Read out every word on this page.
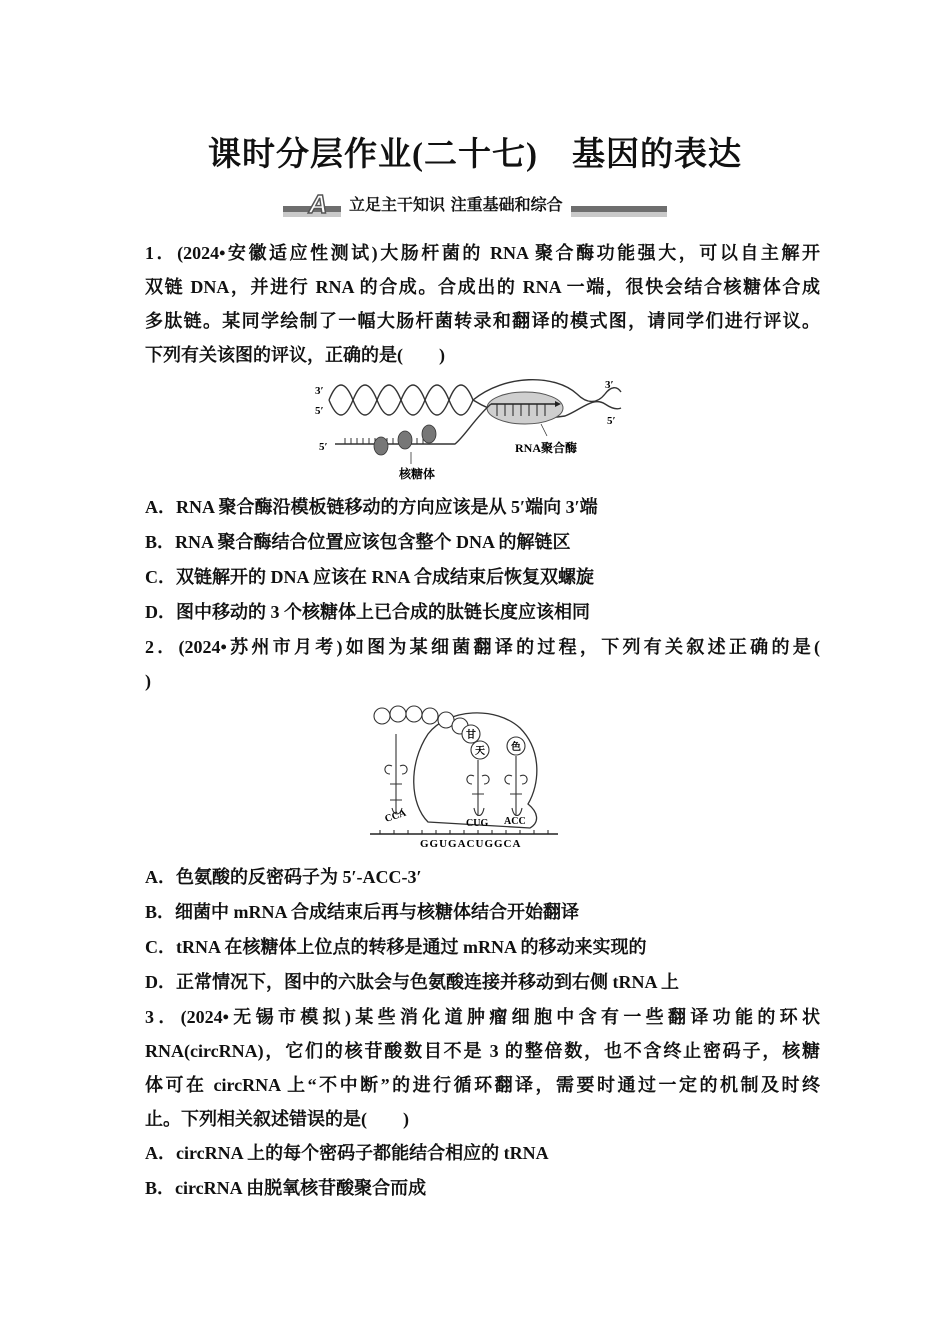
课时分层作业(二十七) 基因的表达
A	立足主干知识 注重基础和综合
1．(2024•安徽适应性测试)大肠杆菌的 RNA 聚合酶功能强大，可以自主解开
双链 DNA，并进行 RNA 的合成。合成出的 RNA 一端，很快会结合核糖体合成
多肽链。某同学绘制了一幅大肠杆菌转录和翻译的模式图，请同学们进行评议。
下列有关该图的评议，正确的是(　　)
3′
5′
5′
3′
5′
RNA聚合酶
核糖体
A．RNA 聚合酶沿模板链移动的方向应该是从 5′端向 3′端
B．RNA 聚合酶结合位置应该包含整个 DNA 的解链区
C．双链解开的 DNA 应该在 RNA 合成结束后恢复双螺旋
D．图中移动的 3 个核糖体上已合成的肽链长度应该相同
2．(2024•苏州市月考)如图为某细菌翻译的过程，下列有关叙述正确的是(
)
甘
天	色
CCA	CUG ACC
GGUGACUGGCA
A．色氨酸的反密码子为 5′-ACC-3′
B．细菌中 mRNA 合成结束后再与核糖体结合开始翻译
C．tRNA 在核糖体上位点的转移是通过 mRNA 的移动来实现的
D．正常情况下，图中的六肽会与色氨酸连接并移动到右侧 tRNA 上
3．(2024•无锡市模拟)某些消化道肿瘤细胞中含有一些翻译功能的环状
RNA(circRNA)，它们的核苷酸数目不是 3 的整倍数，也不含终止密码子，核糖
体可在 circRNA 上“不中断”的进行循环翻译，需要时通过一定的机制及时终
止。下列相关叙述错误的是(　　)
A．circRNA 上的每个密码子都能结合相应的 tRNA
B．circRNA 由脱氧核苷酸聚合而成
